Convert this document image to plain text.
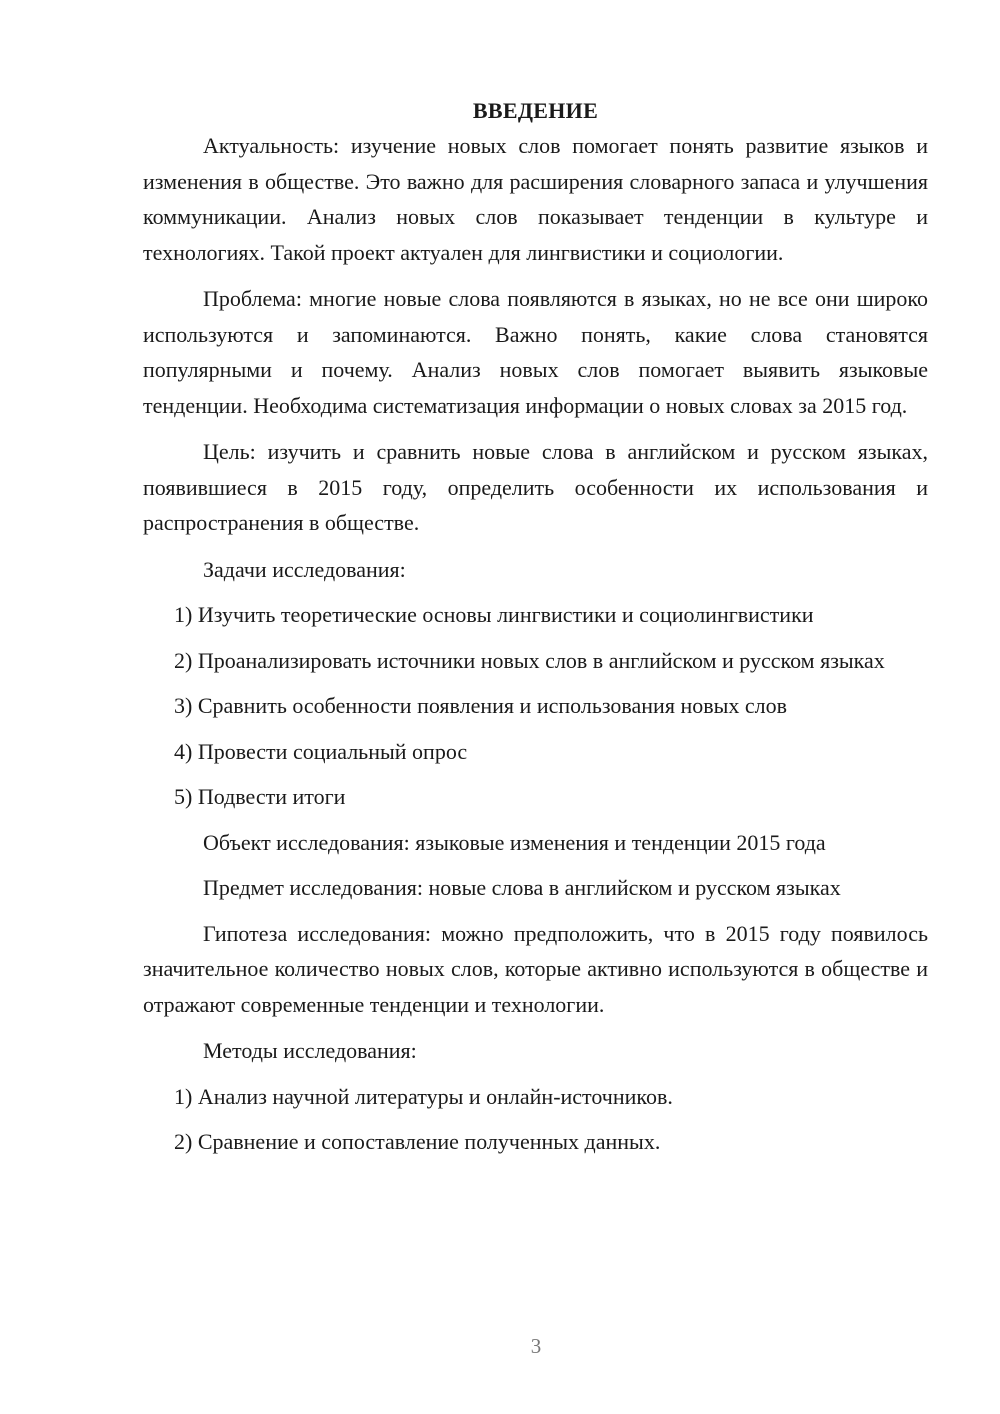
ВВЕДЕНИЕ

Актуальность: изучение новых слов помогает понять развитие языков и изменения в обществе. Это важно для расширения словарного запаса и улучшения коммуникации. Анализ новых слов показывает тенденции в культуре и технологиях. Такой проект актуален для лингвистики и социологии.

Проблема: многие новые слова появляются в языках, но не все они широко используются и запоминаются. Важно понять, какие слова становятся популярными и почему. Анализ новых слов помогает выявить языковые тенденции. Необходима систематизация информации о новых словах за 2015 год.

Цель: изучить и сравнить новые слова в английском и русском языках, появившиеся в 2015 году, определить особенности их использования и распространения в обществе.

Задачи исследования:

1) Изучить теоретические основы лингвистики и социолингвистики

2) Проанализировать источники новых слов в английском и русском языках

3) Сравнить особенности появления и использования новых слов

4) Провести социальный опрос

5) Подвести итоги

Объект исследования: языковые изменения и тенденции 2015 года

Предмет исследования: новые слова в английском и русском языках

Гипотеза исследования: можно предположить, что в 2015 году появилось значительное количество новых слов, которые активно используются в обществе и отражают современные тенденции и технологии.

Методы исследования:

1) Анализ научной литературы и онлайн-источников.

2) Сравнение и сопоставление полученных данных.

3
